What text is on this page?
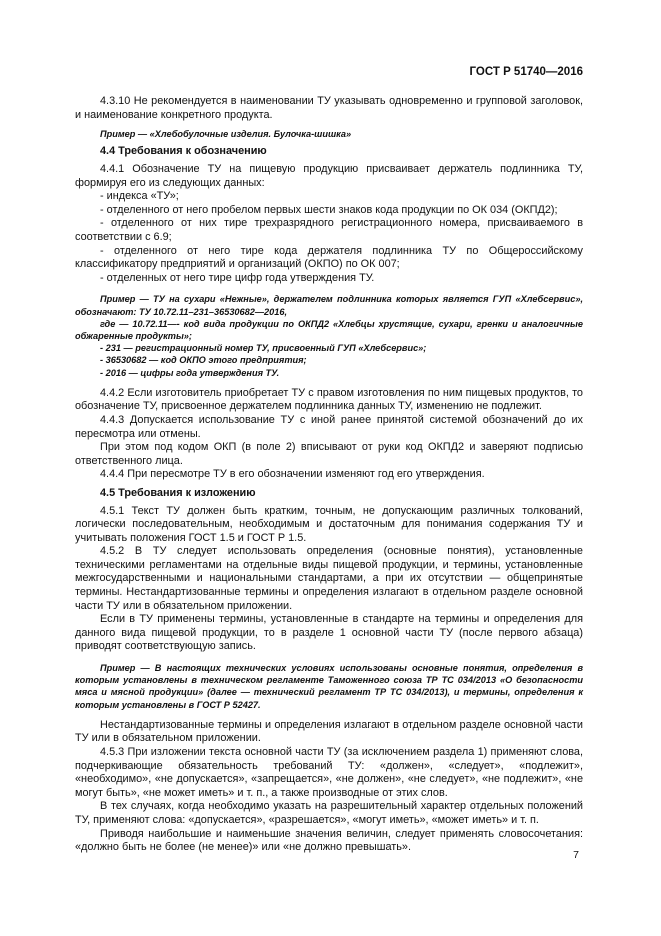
ГОСТ Р 51740—2016

4.3.10 Не рекомендуется в наименовании ТУ указывать одновременно и групповой заголовок, и наименование конкретного продукта.

Пример — «Хлебобулочные изделия. Булочка-шишка»

4.4 Требования к обозначению

4.4.1 Обозначение ТУ на пищевую продукцию присваивает держатель подлинника ТУ, формируя его из следующих данных:

- индекса «ТУ»;

- отделенного от него пробелом первых шести знаков кода продукции по ОК 034 (ОКПД2);

- отделенного от них тире трехразрядного регистрационного номера, присваиваемого в соответствии с 6.9;

- отделенного от него тире кода держателя подлинника ТУ по Общероссийскому классификатору предприятий и организаций (ОКПО) по ОК 007;

- отделенных от него тире цифр года утверждения ТУ.

Пример — ТУ на сухари «Нежные», держателем подлинника которых является ГУП «Хлебсервис», обозначают: ТУ 10.72.11–231–36530682—2016,

где — 10.72.11—- код вида продукции по ОКПД2 «Хлебцы хрустящие, сухари, гренки и аналогичные обжаренные продукты»;

- 231 — регистрационный номер ТУ, присвоенный ГУП «Хлебсервис»;

- 36530682 — код ОКПО этого предприятия;

- 2016 — цифры года утверждения ТУ.

4.4.2 Если изготовитель приобретает ТУ с правом изготовления по ним пищевых продуктов, то обозначение ТУ, присвоенное держателем подлинника данных ТУ, изменению не подлежит.

4.4.3 Допускается использование ТУ с иной ранее принятой системой обозначений до их пересмотра или отмены.

При этом под кодом ОКП (в поле 2) вписывают от руки код ОКПД2 и заверяют подписью ответственного лица.

4.4.4 При пересмотре ТУ в его обозначении изменяют год его утверждения.

4.5 Требования к изложению

4.5.1 Текст ТУ должен быть кратким, точным, не допускающим различных толкований, логически последовательным, необходимым и достаточным для понимания содержания ТУ и учитывать положения ГОСТ 1.5 и ГОСТ Р 1.5.

4.5.2 В ТУ следует использовать определения (основные понятия), установленные техническими регламентами на отдельные виды пищевой продукции, и термины, установленные межгосударственными и национальными стандартами, а при их отсутствии — общепринятые термины. Нестандартизованные термины и определения излагают в отдельном разделе основной части ТУ или в обязательном приложении.

Если в ТУ применены термины, установленные в стандарте на термины и определения для данного вида пищевой продукции, то в разделе 1 основной части ТУ (после первого абзаца) приводят соответствующую запись.

Пример — В настоящих технических условиях использованы основные понятия, определения в которым установлены в техническом регламенте Таможенного союза ТР ТС 034/2013 «О безопасности мяса и мясной продукции» (далее — технический регламент ТР ТС 034/2013), и термины, определения к которым установлены в ГОСТ Р 52427.

Нестандартизованные термины и определения излагают в отдельном разделе основной части ТУ или в обязательном приложении.

4.5.3 При изложении текста основной части ТУ (за исключением раздела 1) применяют слова, подчеркивающие обязательность требований ТУ: «должен», «следует», «подлежит», «необходимо», «не допускается», «запрещается», «не должен», «не следует», «не подлежит», «не могут быть», «не может иметь» и т. п., а также производные от этих слов.

В тех случаях, когда необходимо указать на разрешительный характер отдельных положений ТУ, применяют слова: «допускается», «разрешается», «могут иметь», «может иметь» и т. п.

Приводя наибольшие и наименьшие значения величин, следует применять словосочетания: «должно быть не более (не менее)» или «не должно превышать».

7
